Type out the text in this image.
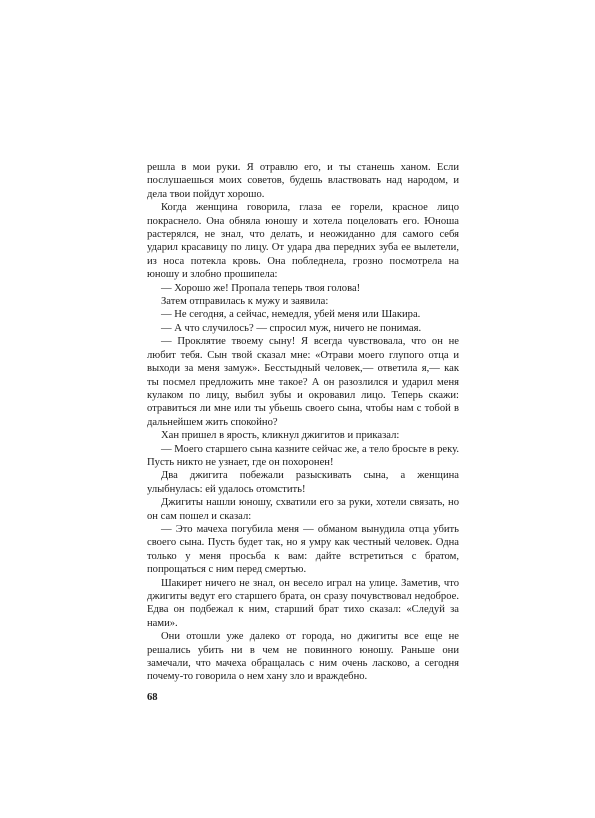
решла в мои руки. Я отравлю его, и ты станешь ханом. Если послушаешься моих советов, будешь властвовать над народом, и дела твои пойдут хорошо.

Когда женщина говорила, глаза ее горели, красное лицо покраснело. Она обняла юношу и хотела поцеловать его. Юноша растерялся, не знал, что делать, и неожиданно для самого себя ударил красавицу по лицу. От удара два передних зуба ее вылетели, из носа потекла кровь. Она побледнела, грозно посмотрела на юношу и злобно прошипела:

— Хорошо же! Пропала теперь твоя голова!

Затем отправилась к мужу и заявила:

— Не сегодня, а сейчас, немедля, убей меня или Шакира.

— А что случилось? — спросил муж, ничего не понимая.

— Проклятие твоему сыну! Я всегда чувствовала, что он не любит тебя. Сын твой сказал мне: «Отрави моего глупого отца и выходи за меня замуж». Бесстыдный человек,— ответила я,— как ты посмел предложить мне такое? А он разозлился и ударил меня кулаком по лицу, выбил зубы и окровавил лицо. Теперь скажи: отравиться ли мне или ты убьешь своего сына, чтобы нам с тобой в дальнейшем жить спокойно?

Хан пришел в ярость, кликнул джигитов и приказал:

— Моего старшего сына казните сейчас же, а тело бросьте в реку. Пусть никто не узнает, где он похоронен!

Два джигита побежали разыскивать сына, а женщина улыбнулась: ей удалось отомстить!

Джигиты нашли юношу, схватили его за руки, хотели связать, но он сам пошел и сказал:

— Это мачеха погубила меня — обманом вынудила отца убить своего сына. Пусть будет так, но я умру как честный человек. Одна только у меня просьба к вам: дайте встретиться с братом, попрощаться с ним перед смертью.

Шакирет ничего не знал, он весело играл на улице. Заметив, что джигиты ведут его старшего брата, он сразу почувствовал недоброе. Едва он подбежал к ним, старший брат тихо сказал: «Следуй за нами».

Они отошли уже далеко от города, но джигиты все еще не решались убить ни в чем не повинного юношу. Раньше они замечали, что мачеха обращалась с ним очень ласково, а сегодня почему-то говорила о нем хану зло и враждебно.

68
